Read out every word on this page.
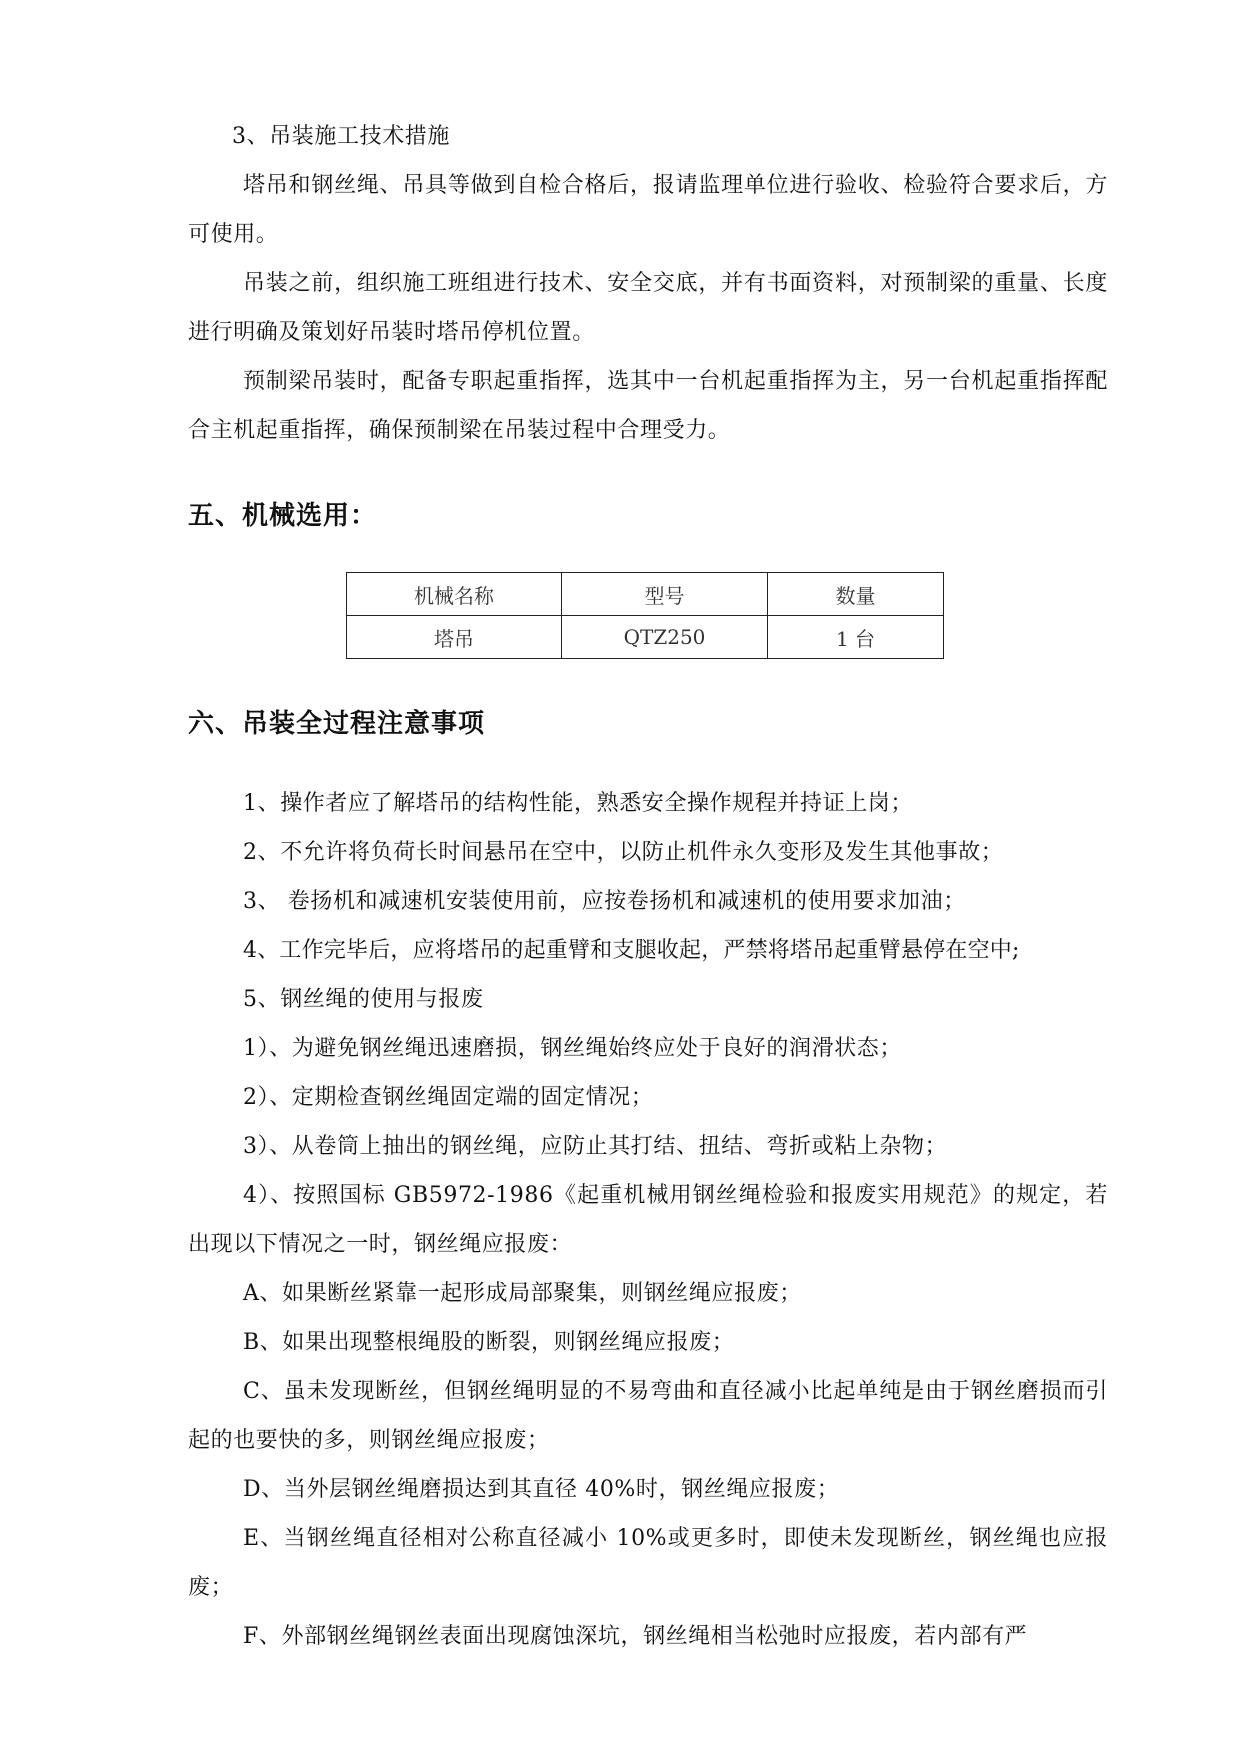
3、吊装施工技术措施

塔吊和钢丝绳、吊具等做到自检合格后，报请监理单位进行验收、检验符合要求后，方可使用。

吊装之前，组织施工班组进行技术、安全交底，并有书面资料，对预制梁的重量、长度进行明确及策划好吊装时塔吊停机位置。

预制梁吊装时，配备专职起重指挥，选其中一台机起重指挥为主，另一台机起重指挥配合主机起重指挥，确保预制梁在吊装过程中合理受力。

五、机械选用：
机械名称	型号	数量
塔吊	QTZ250	1 台
六、吊装全过程注意事项

1、操作者应了解塔吊的结构性能，熟悉安全操作规程并持证上岗；

2、不允许将负荷长时间悬吊在空中，以防止机件永久变形及发生其他事故；

3、 卷扬机和减速机安装使用前，应按卷扬机和减速机的使用要求加油；

4、工作完毕后，应将塔吊的起重臂和支腿收起，严禁将塔吊起重臂悬停在空中;

5、钢丝绳的使用与报废

1）、为避免钢丝绳迅速磨损，钢丝绳始终应处于良好的润滑状态；

2）、定期检查钢丝绳固定端的固定情况；

3）、从卷筒上抽出的钢丝绳，应防止其打结、扭结、弯折或粘上杂物；

4）、按照国标 GB5972-1986《起重机械用钢丝绳检验和报废实用规范》的规定，若出现以下情况之一时，钢丝绳应报废：

A、如果断丝紧靠一起形成局部聚集，则钢丝绳应报废；

B、如果出现整根绳股的断裂，则钢丝绳应报废；

C、虽未发现断丝，但钢丝绳明显的不易弯曲和直径减小比起单纯是由于钢丝磨损而引起的也要快的多，则钢丝绳应报废；

D、当外层钢丝绳磨损达到其直径 40%时，钢丝绳应报废；

E、当钢丝绳直径相对公称直径减小 10%或更多时，即使未发现断丝，钢丝绳也应报废；

F、外部钢丝绳钢丝表面出现腐蚀深坑，钢丝绳相当松弛时应报废，若内部有严
